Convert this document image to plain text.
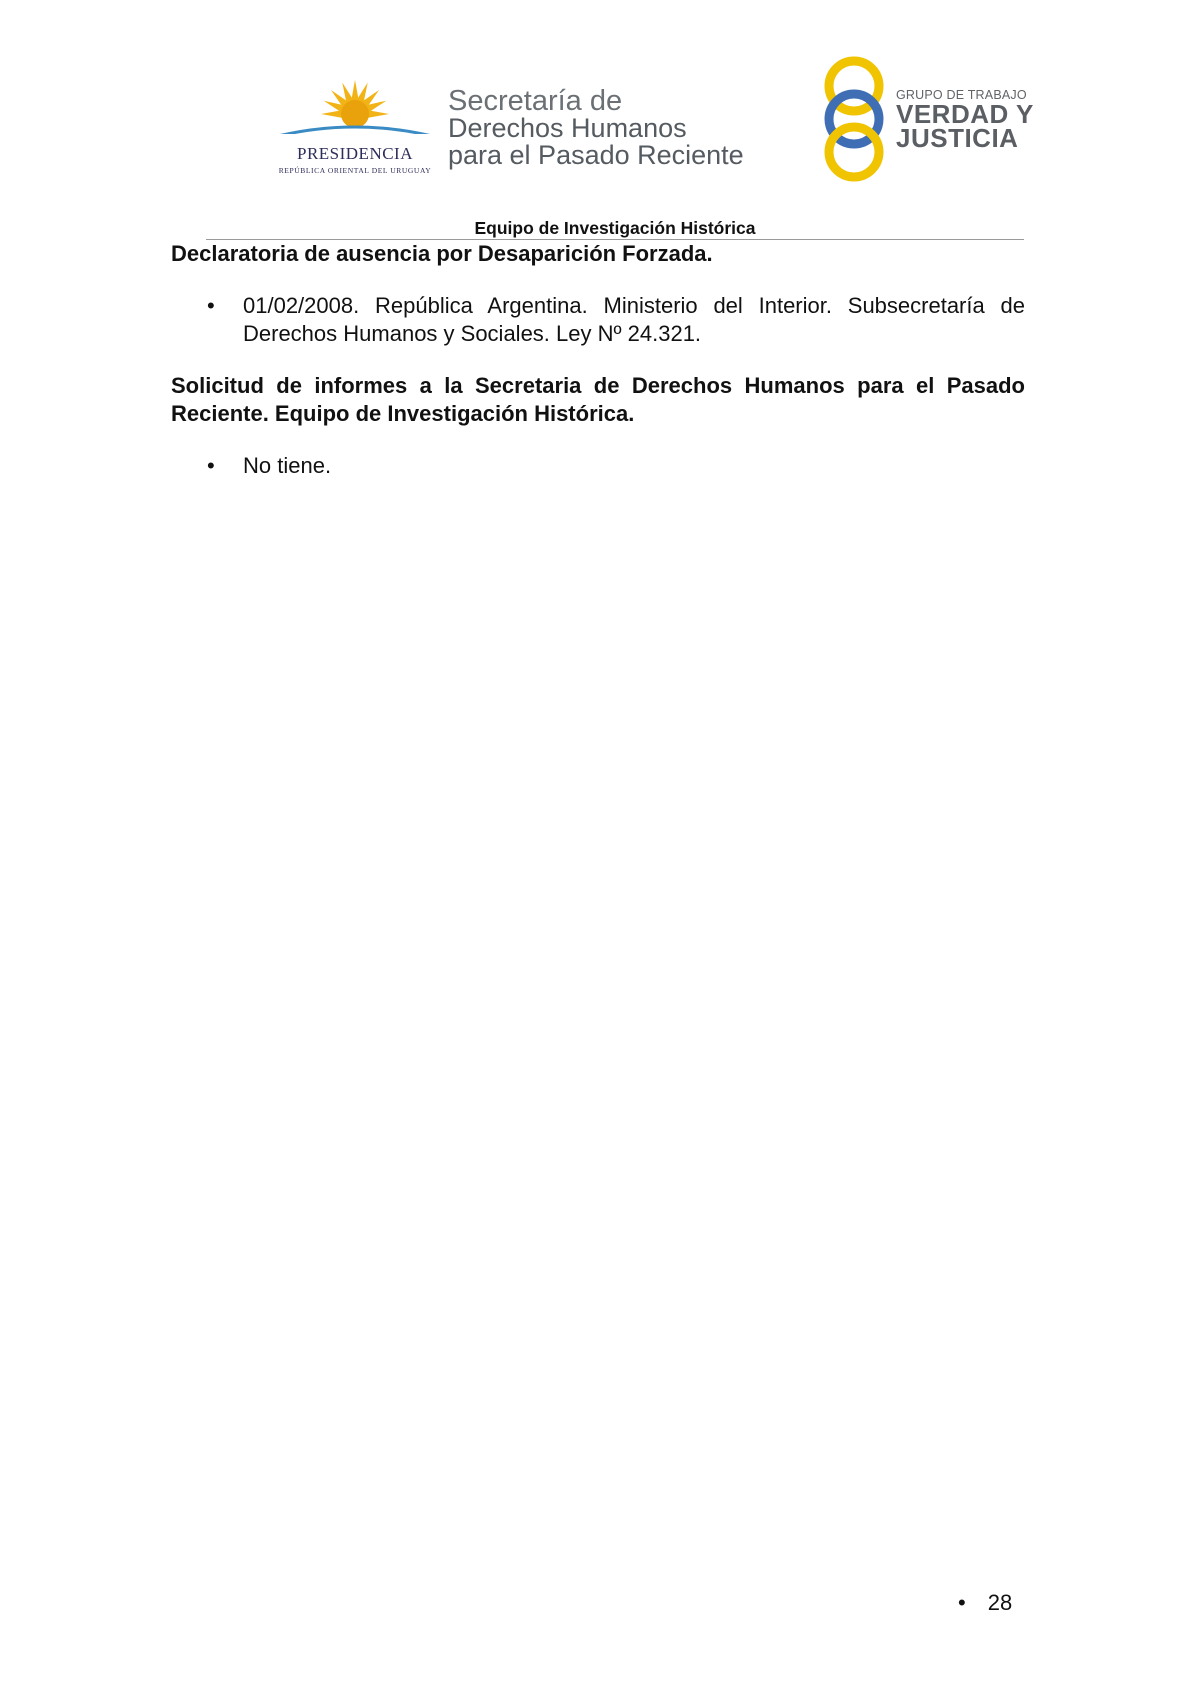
PRESIDENCIA
REPÚBLICA ORIENTAL DEL URUGUAY
Secretaría de
Derechos Humanos
para el Pasado Reciente
GRUPO DE TRABAJO
VERDAD Y
JUSTICIA
Equipo de Investigación Histórica

Declaratoria de ausencia por Desaparición Forzada.

• 01/02/2008. República Argentina. Ministerio del Interior. Subsecretaría de Derechos Humanos y Sociales. Ley Nº 24.321.

Solicitud de informes a la Secretaria de Derechos Humanos para el Pasado Reciente. Equipo de Investigación Histórica.

• No tiene.
• 28
